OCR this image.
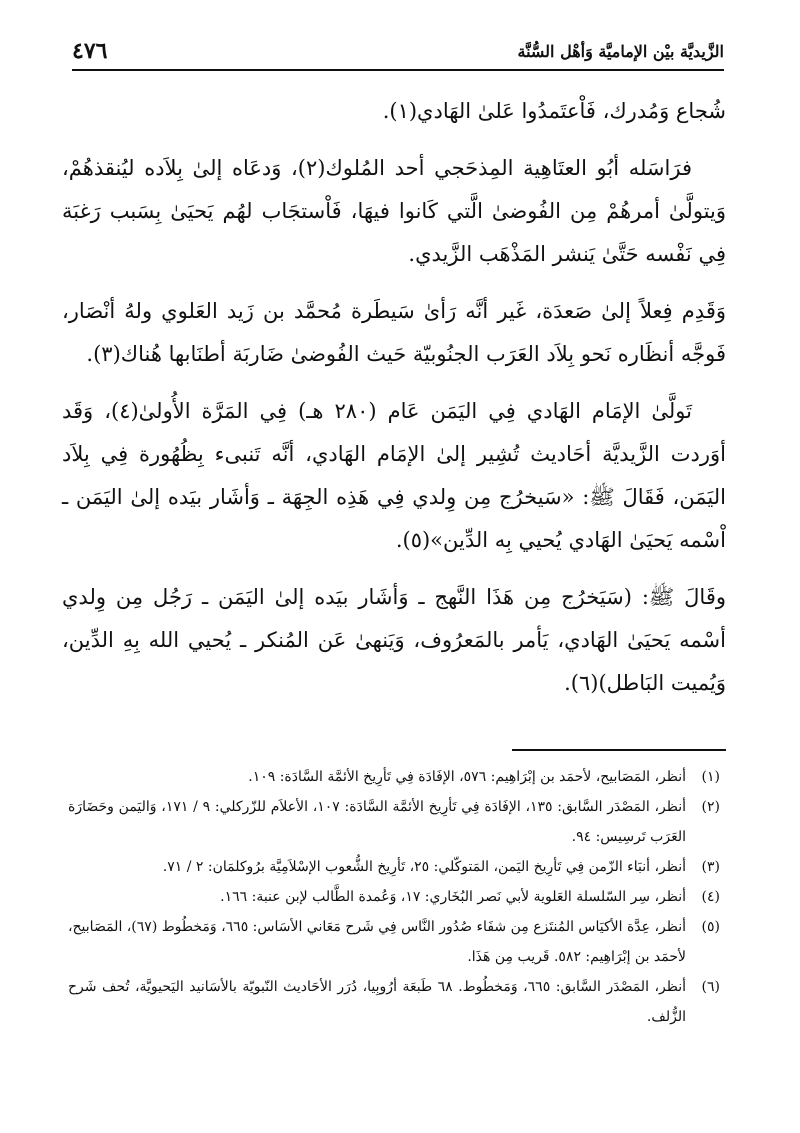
الزَّيديَّة بيْن الإماميَّة وَأهْل السُّنَّة
٤٧٦

شُجاع وَمُدرك، فَاْعتَمدُوا عَلىٰ الهَادي(١).

فرَاسَله أبُو العتَاهِية المِذحَجي أحد المُلوك(٢)، وَدعَاه إلىٰ بِلاَده ليُنقذهُمْ، وَيتولَّىٰ أمرهُمْ مِن الفُوضىٰ الَّتي كَانوا فيهَا، فَاْستجَاب لهُم يَحيَىٰ بِسَبب رَغبَة فِي نَفْسه حَتَّىٰ يَنشر المَذْهَب الزَّيدي.

وَقَدِم فِعلاً إلىٰ صَعدَة، غَير أنَّه رَأىٰ سَيطَرة مُحمَّد بن زَيد العَلوي ولهُ أنْصَار، فَوجَّه أنظَاره نَحو بِلاَد العَرَب الجنُوبيّة حَيث الفُوضىٰ ضَاربَة أطنَابها هُناك(٣).

تَولَّىٰ الإمَام الهَادي فِي اليَمَن عَام (٢٨٠ هـ) فِي المَرَّة الأُولىٰ(٤)، وَقَد أوَردت الزَّيديَّة أحَاديث تُشِير إلىٰ الإمَام الهَادي، أنَّه تَنبىء بِظُهُورة فِي بِلاَد اليَمَن، فَقَالَ ﷺ: «سَيخرُج مِن وِلدي فِي هَذِه الجِهَة ـ وَأشَار بيَده إلىٰ اليَمَن ـ اْسْمه يَحيَىٰ الهَادي يُحيي بِه الدِّين»(٥).

وقَالَ ﷺ: (سَيَخرُج مِن هَذَا النَّهج ـ وَأشَار بيَده إلىٰ اليَمَن ـ رَجُل مِن وِلدي أسْمه يَحيَىٰ الهَادي، يَأمر بالمَعرُوف، وَيَنهىٰ عَن المُنكر ـ يُحيي الله بِهِ الدِّين، وَيُميت البَاطل)(٦).

(١)
أنظر، المَصَابيح، لأحمَد بن إبْرَاهِيم: ٥٧٦، الإفَادَة فِي تَأرِيخ الأئمَّة السَّادَة: ١٠٩.
(٢)
أنظر، المَصْدَر السَّابق: ١٣٥، الإفَادَة فِي تَأرِيخ الأئمَّة السَّادَة: ١٠٧، الأعلاَم للزّركلي: ٩ / ١٧١، وَاليَمن وحَضَارَة العَرَب تَرسِيس: ٩٤.
(٣)
أنظر، أنبَاء الزّمن فِي تَأرِيخ اليَمن، المَتوكّلي: ٢٥، تَأرِيخ الشُّعوب الإسْلاَمِيَّة برُوكلمَان: ٢ / ٧١.
(٤)
أنظر، سِر السّلسلة العَلوية لأبي نَصر البُخَاري: ١٧، وَعُمدة الطَّالب لإبن عنبة: ١٦٦.
(٥)
أنظر، عِدَّة الأكيَاس المُنتَزع مِن شفَاء صُدُور النَّاس فِي شَرح مَعَاني الأسَاس: ٦٦٥، وَمَخطُوط (٦٧)، المَصَابيح، لأحمَد بن إبْرَاهِيم: ٥٨٢. قَريب مِن هَذَا.
(٦)
أنظر، المَصْدَر السَّابق: ٦٦٥، وَمَخطُوط. ٦٨ طَبعَة أرُوبِيا، دُرَر الأحَاديث النّبويّة بالأسَانيد اليَحيويَّة، تُحف شَرح الزُّلف.
